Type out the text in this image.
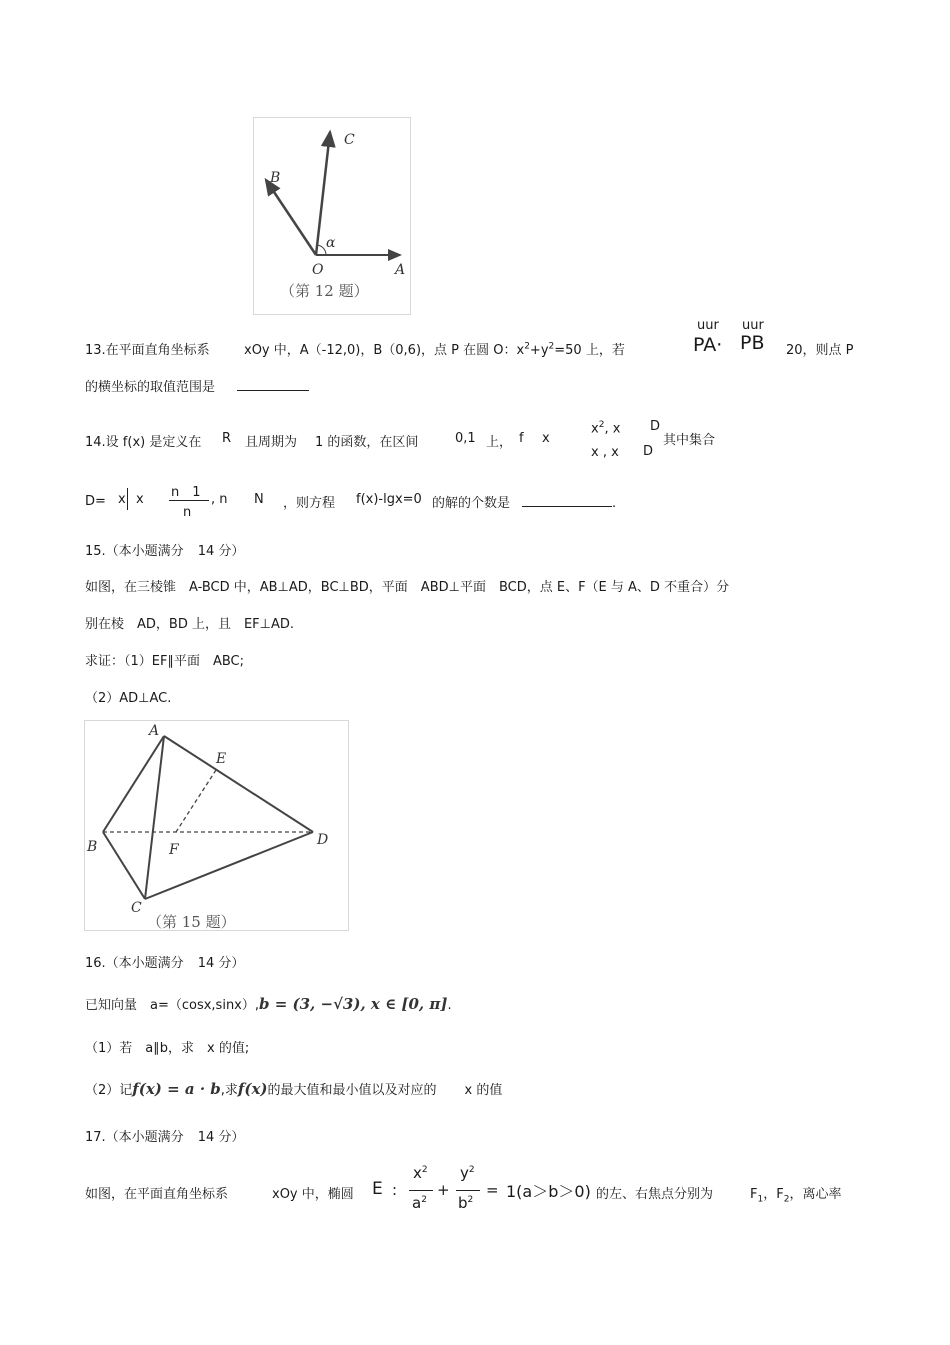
C
B
α
O	A
（第 12 题）
13.在平面直角坐标系	xOy 中，A（-12,0)，B（0,6)，点 P 在圆 O：$x^2+y^2=50$ 上，若
uur uur
PA· PB 20，则点 P
的横坐标的取值范围是
14.设 f(x) 是定义在 R 且周期为 1 的函数，在区间	0,1 上， f x
$x^2$, x D
x , x D
其中集合
D= x x n　1
n
, n N ，则方程 f(x)-lgx=0 的解的个数是	.
15.（本小题满分 14 分）
如图，在三棱锥　A-BCD 中，AB⊥AD，BC⊥BD，平面　ABD⊥平面　BCD，点 E、F（E 与 A、D 不重合）分
别在棱　AD，BD 上，且　EF⊥AD.
求证：（1）EF∥平面　ABC;
（2）AD⊥AC.
A
E
B	F
D
C
（第 15 题）
16.（本小题满分 14 分）
已知向量　a=（cosx,sinx）,b = (3, −√3), x ∈ [0, π].
（1）若　a∥b，求　x 的值;
（2）记f(x) = a · b,求f(x)的最大值和最小值以及对应的 x 的值
17.（本小题满分 14 分）
如图，在平面直角坐标系	xOy 中，椭圆 E :
$x^2$
$a^2$
+
$y^2$
$b^2$
= 1(a＞b＞0) 的左、右焦点分别为	$F_1$，$F_2$，离心率
